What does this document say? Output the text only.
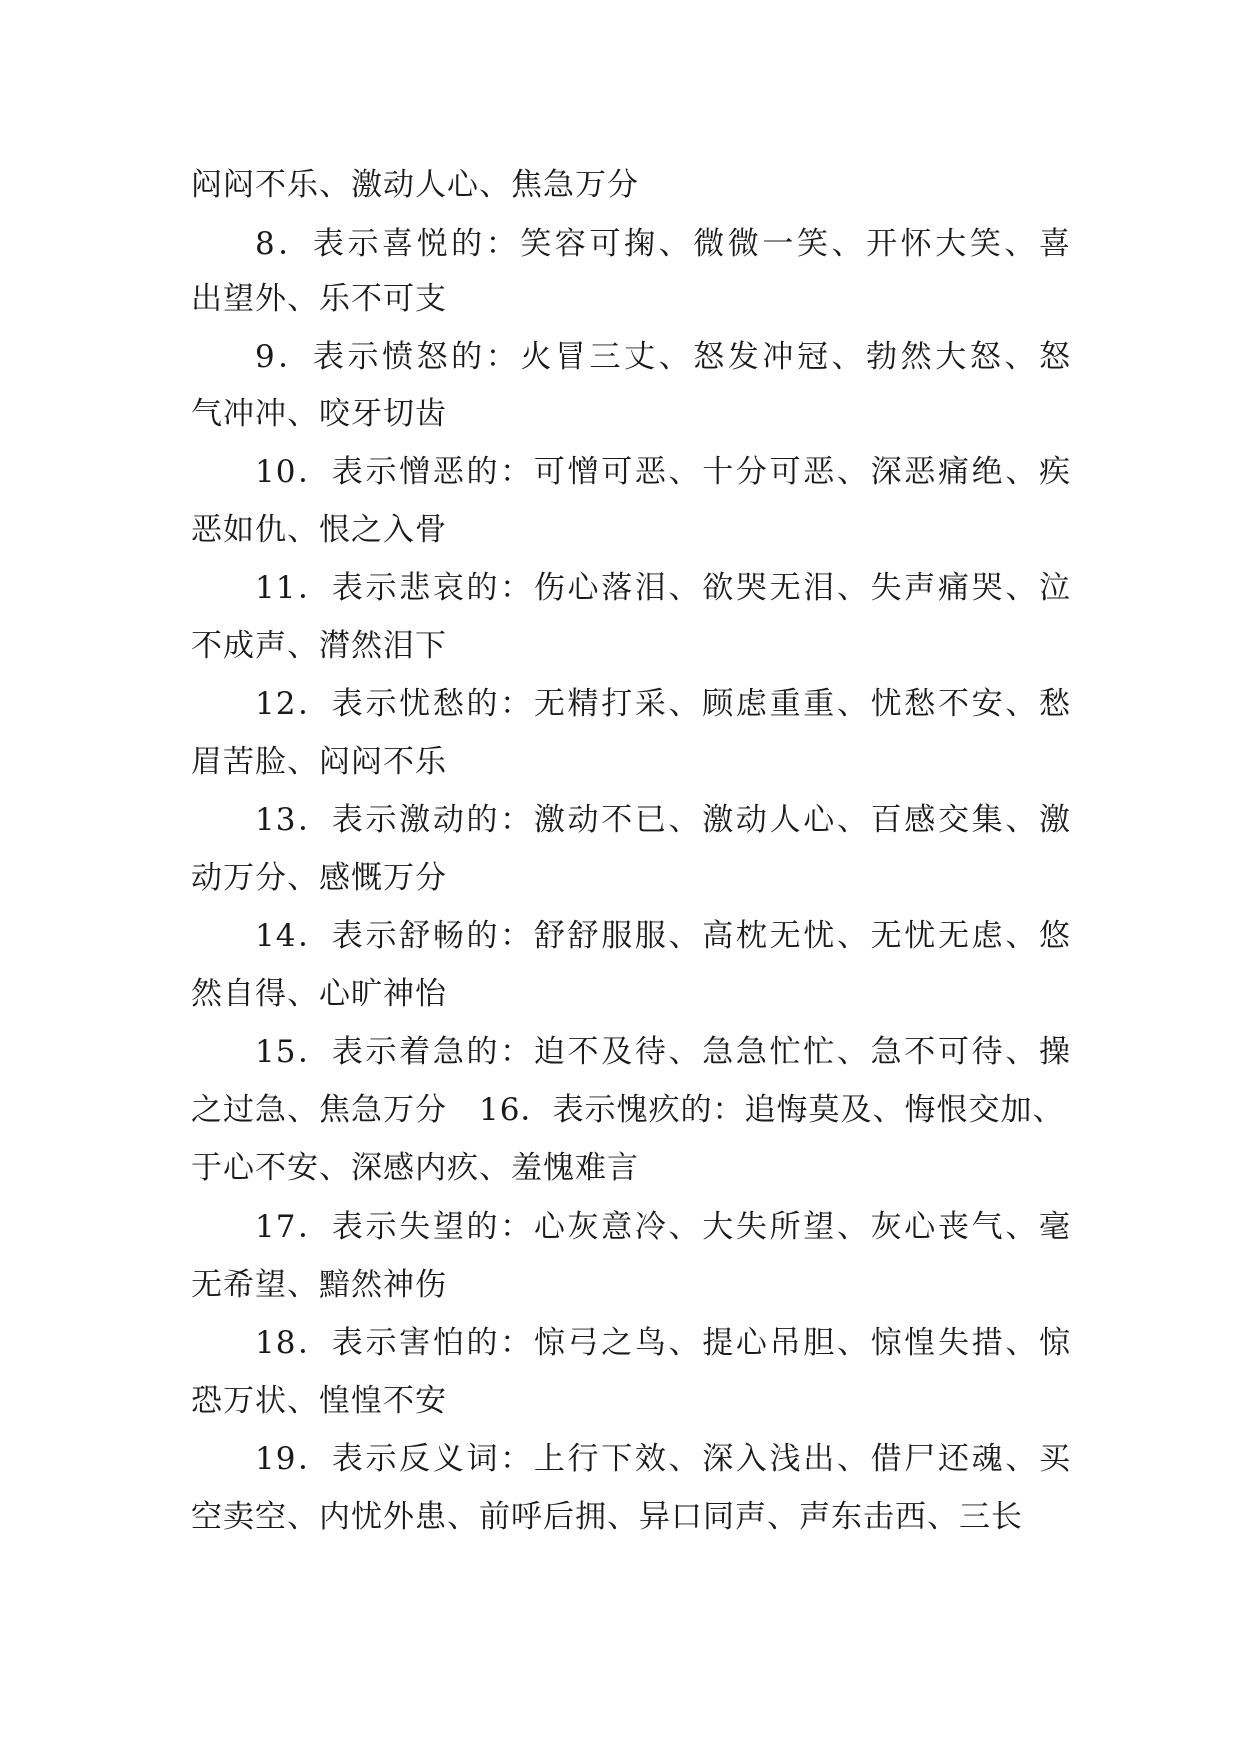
闷闷不乐、激动人心、焦急万分
8．表示喜悦的：笑容可掬、微微一笑、开怀大笑、喜
出望外、乐不可支
9．表示愤怒的：火冒三丈、怒发冲冠、勃然大怒、怒
气冲冲、咬牙切齿
10．表示憎恶的：可憎可恶、十分可恶、深恶痛绝、疾
恶如仇、恨之入骨
11．表示悲哀的：伤心落泪、欲哭无泪、失声痛哭、泣
不成声、潸然泪下
12．表示忧愁的：无精打采、顾虑重重、忧愁不安、愁
眉苦脸、闷闷不乐
13．表示激动的：激动不已、激动人心、百感交集、激
动万分、感慨万分
14．表示舒畅的：舒舒服服、高枕无忧、无忧无虑、悠
然自得、心旷神怡
15．表示着急的：迫不及待、急急忙忙、急不可待、操
之过急、焦急万分　16．表示愧疚的：追悔莫及、悔恨交加、
于心不安、深感内疚、羞愧难言
17．表示失望的：心灰意冷、大失所望、灰心丧气、毫
无希望、黯然神伤
18．表示害怕的：惊弓之鸟、提心吊胆、惊惶失措、惊
恐万状、惶惶不安
19．表示反义词：上行下效、深入浅出、借尸还魂、买
空卖空、内忧外患、前呼后拥、异口同声、声东击西、三长
